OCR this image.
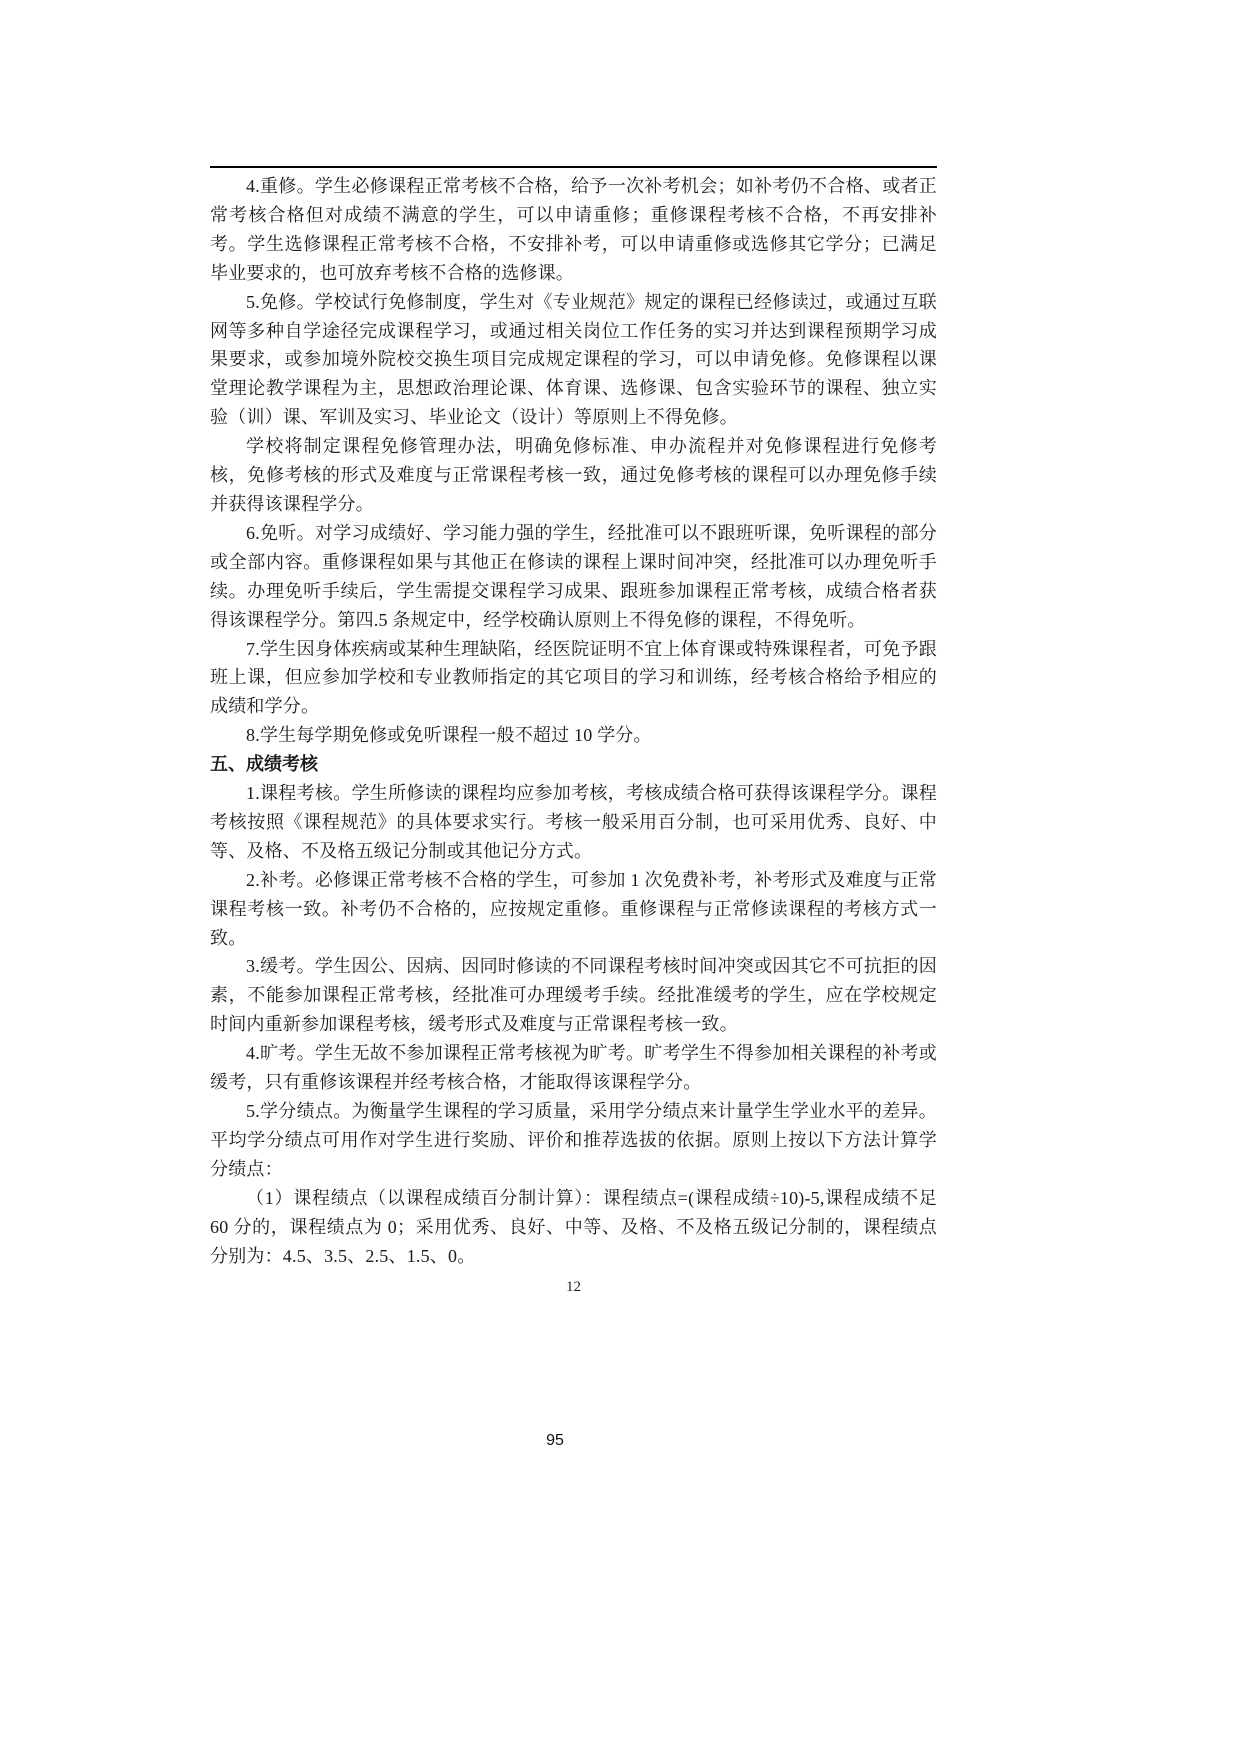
4.重修。学生必修课程正常考核不合格，给予一次补考机会；如补考仍不合格、或者正常考核合格但对成绩不满意的学生，可以申请重修；重修课程考核不合格，不再安排补考。学生选修课程正常考核不合格，不安排补考，可以申请重修或选修其它学分；已满足毕业要求的，也可放弃考核不合格的选修课。

5.免修。学校试行免修制度，学生对《专业规范》规定的课程已经修读过，或通过互联网等多种自学途径完成课程学习，或通过相关岗位工作任务的实习并达到课程预期学习成果要求，或参加境外院校交换生项目完成规定课程的学习，可以申请免修。免修课程以课堂理论教学课程为主，思想政治理论课、体育课、选修课、包含实验环节的课程、独立实验（训）课、军训及实习、毕业论文（设计）等原则上不得免修。

学校将制定课程免修管理办法，明确免修标准、申办流程并对免修课程进行免修考核，免修考核的形式及难度与正常课程考核一致，通过免修考核的课程可以办理免修手续并获得该课程学分。

6.免听。对学习成绩好、学习能力强的学生，经批准可以不跟班听课，免听课程的部分或全部内容。重修课程如果与其他正在修读的课程上课时间冲突，经批准可以办理免听手续。办理免听手续后，学生需提交课程学习成果、跟班参加课程正常考核，成绩合格者获得该课程学分。第四.5 条规定中，经学校确认原则上不得免修的课程，不得免听。

7.学生因身体疾病或某种生理缺陷，经医院证明不宜上体育课或特殊课程者，可免予跟班上课，但应参加学校和专业教师指定的其它项目的学习和训练，经考核合格给予相应的成绩和学分。

8.学生每学期免修或免听课程一般不超过 10 学分。

五、成绩考核

1.课程考核。学生所修读的课程均应参加考核，考核成绩合格可获得该课程学分。课程考核按照《课程规范》的具体要求实行。考核一般采用百分制，也可采用优秀、良好、中等、及格、不及格五级记分制或其他记分方式。

2.补考。必修课正常考核不合格的学生，可参加 1 次免费补考，补考形式及难度与正常课程考核一致。补考仍不合格的，应按规定重修。重修课程与正常修读课程的考核方式一致。

3.缓考。学生因公、因病、因同时修读的不同课程考核时间冲突或因其它不可抗拒的因素，不能参加课程正常考核，经批准可办理缓考手续。经批准缓考的学生，应在学校规定时间内重新参加课程考核，缓考形式及难度与正常课程考核一致。

4.旷考。学生无故不参加课程正常考核视为旷考。旷考学生不得参加相关课程的补考或缓考，只有重修该课程并经考核合格，才能取得该课程学分。

5.学分绩点。为衡量学生课程的学习质量，采用学分绩点来计量学生学业水平的差异。平均学分绩点可用作对学生进行奖励、评价和推荐选拔的依据。原则上按以下方法计算学分绩点：

（1）课程绩点（以课程成绩百分制计算）：课程绩点=(课程成绩÷10)-5,课程成绩不足 60 分的，课程绩点为 0；采用优秀、良好、中等、及格、不及格五级记分制的，课程绩点分别为：4.5、3.5、2.5、1.5、0。

12
95
